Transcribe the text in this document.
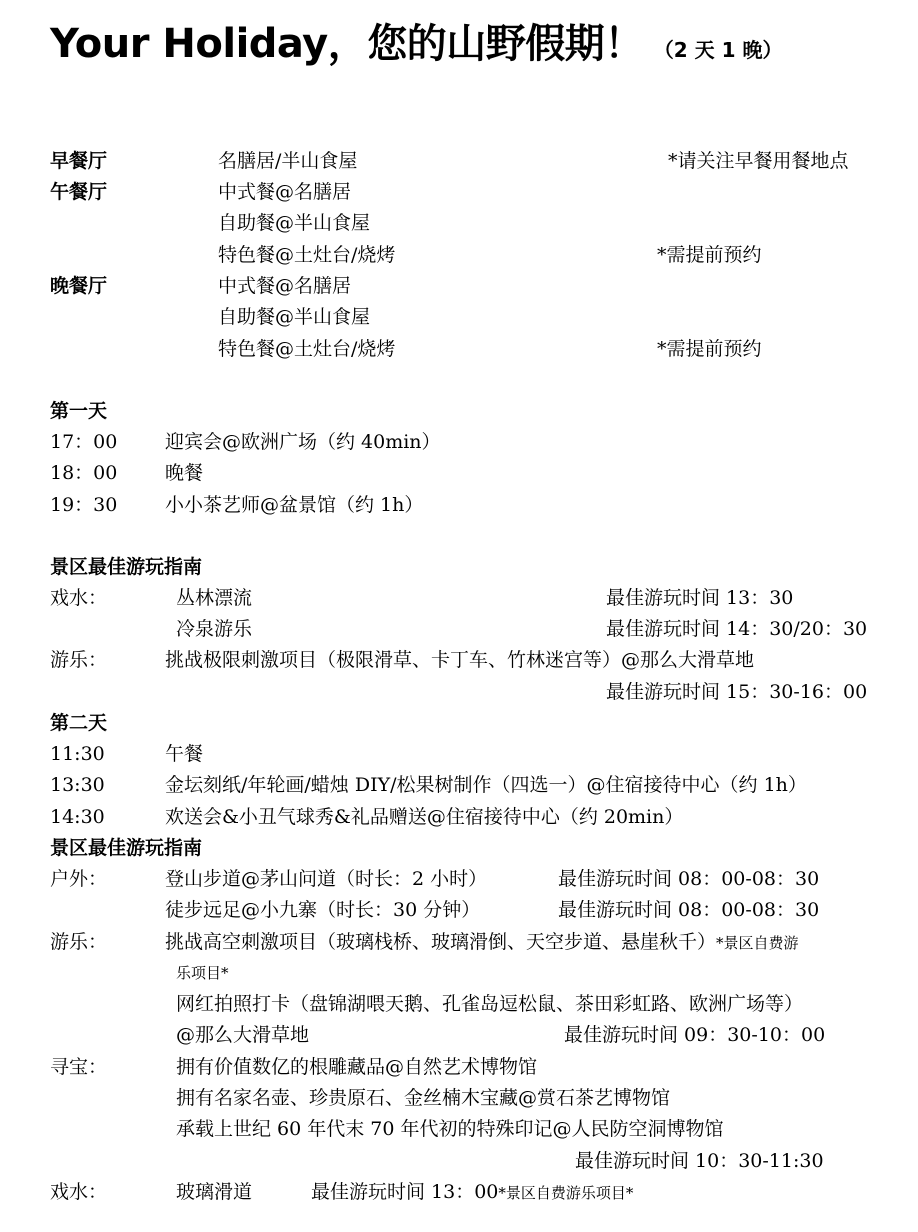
Your Holiday，您的山野假期！ （2 天 1 晚）
早餐厅	名膳居/半山食屋	*请关注早餐用餐地点
午餐厅	中式餐@名膳居
自助餐@半山食屋
特色餐@土灶台/烧烤	*需提前预约
晚餐厅	中式餐@名膳居
自助餐@半山食屋
特色餐@土灶台/烧烤	*需提前预约
第一天
17：00	迎宾会@欧洲广场（约 40min）
18：00	晚餐
19：30	小小茶艺师@盆景馆（约 1h）
景区最佳游玩指南
戏水：	丛林漂流	最佳游玩时间 13：30
冷泉游乐	最佳游玩时间 14：30/20：30
游乐：	挑战极限刺激项目（极限滑草、卡丁车、竹林迷宫等）@那么大滑草地
最佳游玩时间 15：30-16：00
第二天
11:30	午餐
13:30	金坛刻纸/年轮画/蜡烛 DIY/松果树制作（四选一）@住宿接待中心（约 1h）
14:30	欢送会&小丑气球秀&礼品赠送@住宿接待中心（约 20min）
景区最佳游玩指南
户外：	登山步道@茅山问道（时长：2 小时）	最佳游玩时间 08：00-08：30
徒步远足@小九寨（时长：30 分钟）	最佳游玩时间 08：00-08：30
游乐：	挑战高空刺激项目（玻璃栈桥、玻璃滑倒、天空步道、悬崖秋千）*景区自费游
乐项目*
网红拍照打卡（盘锦湖喂天鹅、孔雀岛逗松鼠、茶田彩虹路、欧洲广场等）
@那么大滑草地	最佳游玩时间 09：30-10：00
寻宝：	拥有价值数亿的根雕藏品@自然艺术博物馆
拥有名家名壶、珍贵原石、金丝楠木宝藏@赏石茶艺博物馆
承载上世纪 60 年代末 70 年代初的特殊印记@人民防空洞博物馆
最佳游玩时间 10：30-11:30
戏水：	玻璃滑道	最佳游玩时间 13：00*景区自费游乐项目*
